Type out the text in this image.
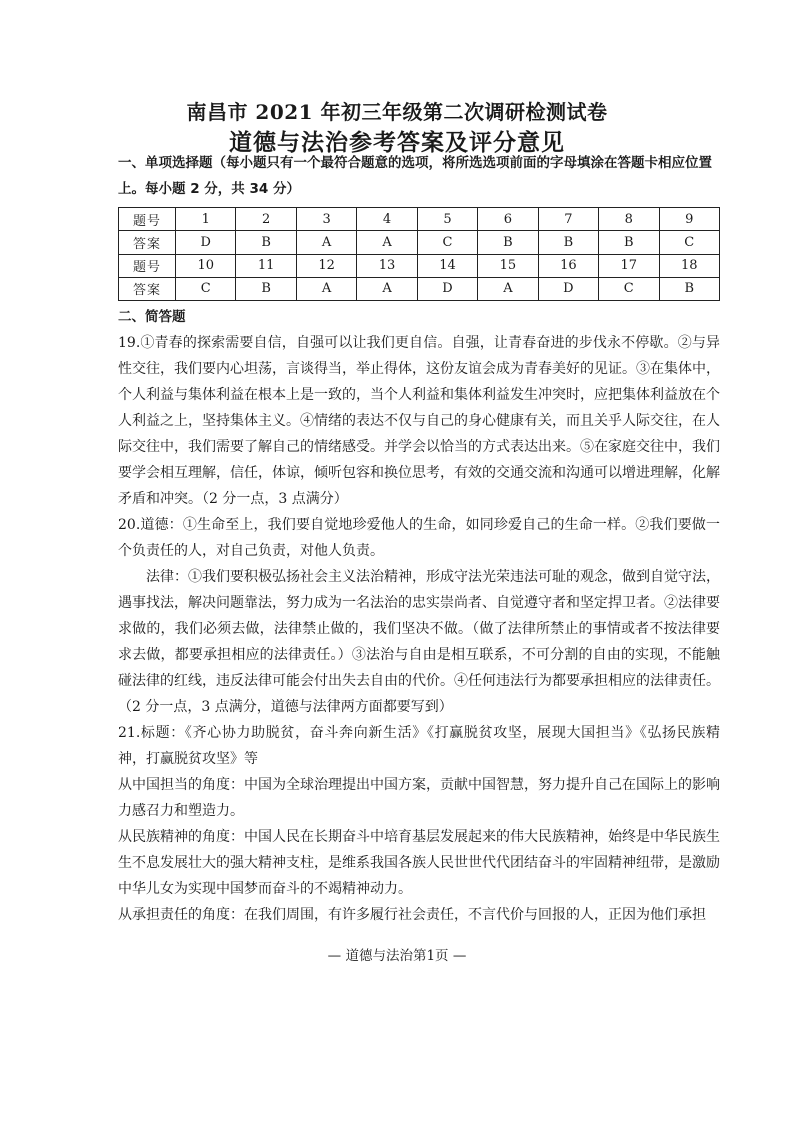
南昌市 2021 年初三年级第二次调研检测试卷
道德与法治参考答案及评分意见
一、单项选择题（每小题只有一个最符合题意的选项，将所选选项前面的字母填涂在答题卡相应位置上。每小题 2 分，共 34 分）
题号	1	2	3	4	5	6	7	8	9
答案	D	B	A	A	C	B	B	B	C
题号	10	11	12	13	14	15	16	17	18
答案	C	B	A	A	D	A	D	C	B
二、简答题

19.①青春的探索需要自信，自强可以让我们更自信。自强，让青春奋进的步伐永不停歇。②与异性交往，我们要内心坦荡，言谈得当，举止得体，这份友谊会成为青春美好的见证。③在集体中，个人利益与集体利益在根本上是一致的，当个人利益和集体利益发生冲突时，应把集体利益放在个人利益之上，坚持集体主义。④情绪的表达不仅与自己的身心健康有关，而且关乎人际交往，在人际交往中，我们需要了解自己的情绪感受。并学会以恰当的方式表达出来。⑤在家庭交往中，我们要学会相互理解，信任，体谅，倾听包容和换位思考，有效的交通交流和沟通可以增进理解，化解矛盾和冲突。（2 分一点，3 点满分）

20.道德：①生命至上，我们要自觉地珍爱他人的生命，如同珍爱自己的生命一样。②我们要做一个负责任的人，对自己负责，对他人负责。

法律：①我们要积极弘扬社会主义法治精神，形成守法光荣违法可耻的观念，做到自觉守法，遇事找法，解决问题靠法，努力成为一名法治的忠实崇尚者、自觉遵守者和坚定捍卫者。②法律要求做的，我们必须去做，法律禁止做的，我们坚决不做。（做了法律所禁止的事情或者不按法律要求去做，都要承担相应的法律责任。）③法治与自由是相互联系，不可分割的自由的实现，不能触碰法律的红线，违反法律可能会付出失去自由的代价。④任何违法行为都要承担相应的法律责任。（2 分一点，3 点满分，道德与法律两方面都要写到）

21.标题：《齐心协力助脱贫，奋斗奔向新生活》《打赢脱贫攻坚，展现大国担当》《弘扬民族精神，打赢脱贫攻坚》等

从中国担当的角度：中国为全球治理提出中国方案，贡献中国智慧，努力提升自己在国际上的影响力感召力和塑造力。

从民族精神的角度：中国人民在长期奋斗中培育基层发展起来的伟大民族精神，始终是中华民族生生不息发展壮大的强大精神支柱，是维系我国各族人民世世代代团结奋斗的牢固精神纽带，是激励中华儿女为实现中国梦而奋斗的不竭精神动力。

从承担责任的角度：在我们周围，有许多履行社会责任，不言代价与回报的人，正因为他们承担

— 道德与法治第1页 —
